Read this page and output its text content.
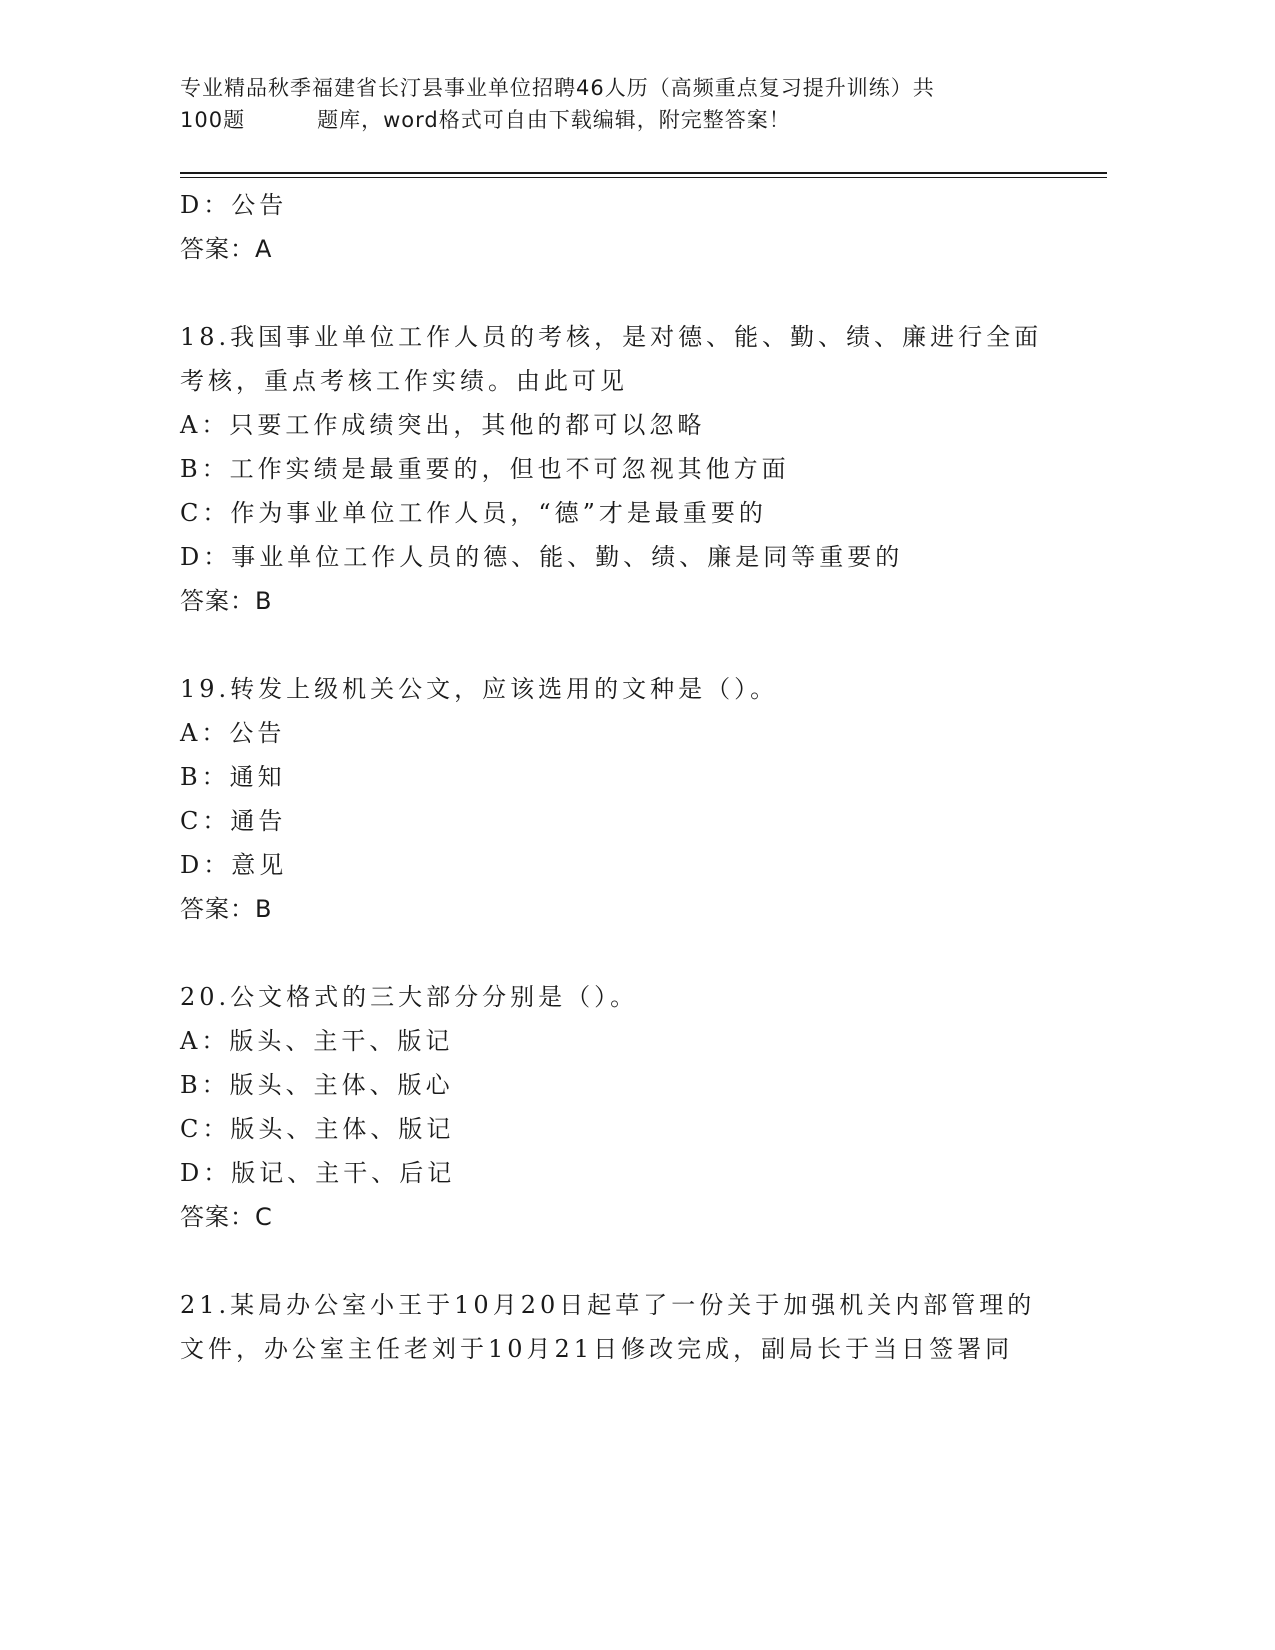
专业精品秋季福建省长汀县事业单位招聘46人历（高频重点复习提升训练）共
100题	题库，word格式可自由下载编辑，附完整答案！
D：公告
答案：A
18.我国事业单位工作人员的考核，是对德、能、勤、绩、廉进行全面
考核，重点考核工作实绩。由此可见
A：只要工作成绩突出，其他的都可以忽略
B：工作实绩是最重要的，但也不可忽视其他方面
C：作为事业单位工作人员，“德”才是最重要的
D：事业单位工作人员的德、能、勤、绩、廉是同等重要的
答案：B
19.转发上级机关公文，应该选用的文种是（）。
A：公告
B：通知
C：通告
D：意见
答案：B
20.公文格式的三大部分分别是（）。
A：版头、主干、版记
B：版头、主体、版心
C：版头、主体、版记
D：版记、主干、后记
答案：C
21.某局办公室小王于10月20日起草了一份关于加强机关内部管理的
文件，办公室主任老刘于10月21日修改完成，副局长于当日签署同
